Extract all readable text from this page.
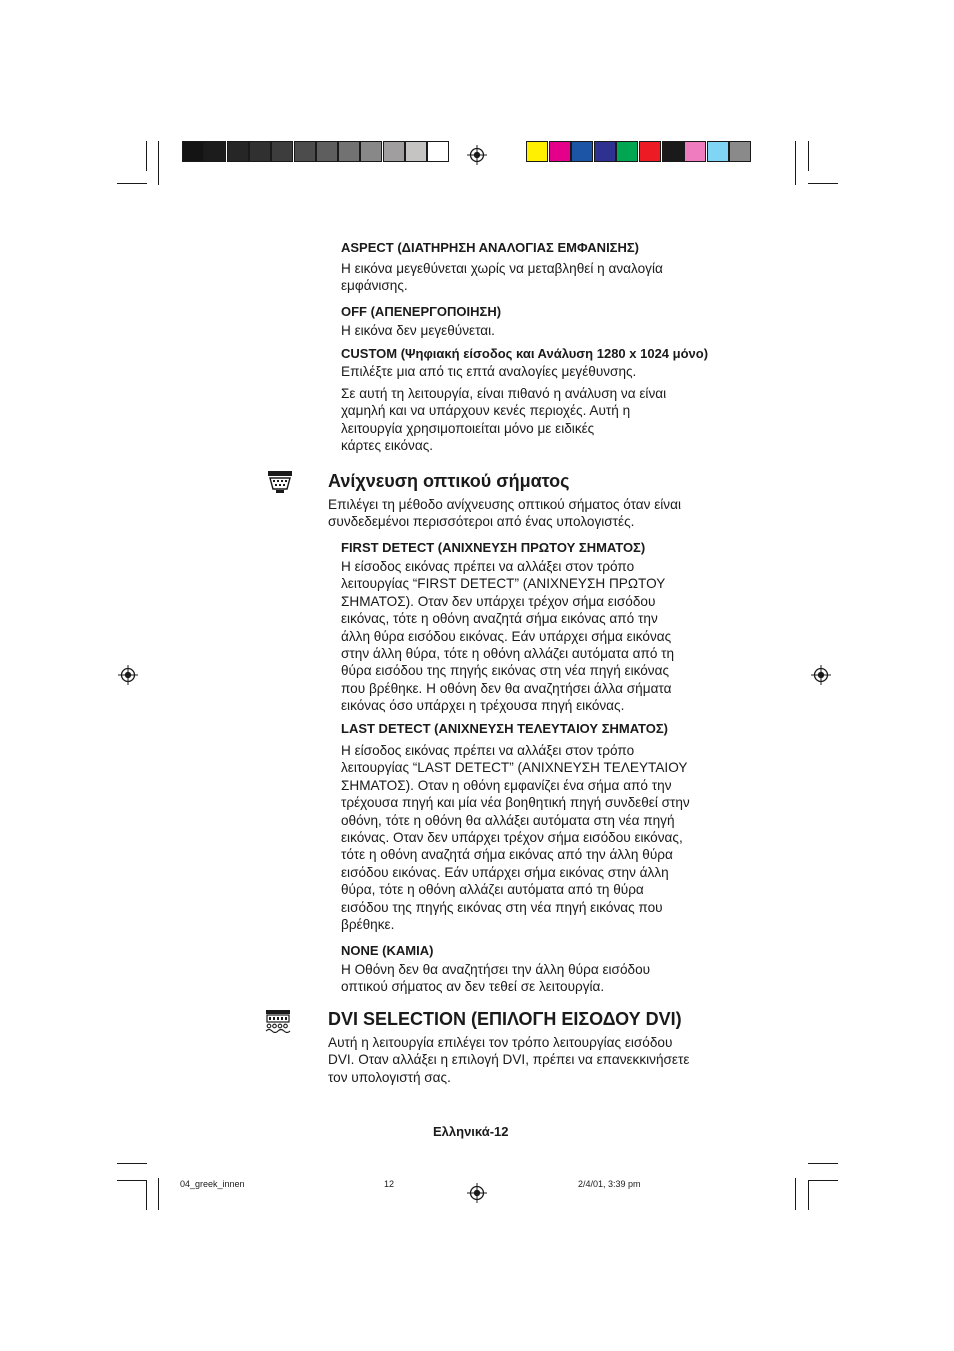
ASPECT (ΔΙΑΤΗΡΗΣΗ ΑΝΑΛΟΓΙΑΣ ΕΜΦΑΝΙΣΗΣ)
Η εικόνα μεγεθύνεται χωρίς να μεταβληθεί η αναλογία
εμφάνισης.
OFF (ΑΠΕΝΕΡΓΟΠΟΙΗΣΗ)
Η εικόνα δεν μεγεθύνεται.
CUSTOM (Ψηφιακή είσοδος και Ανάλυση 1280 x 1024 μόνο)
Επιλέξτε μια από τις επτά αναλογίες μεγέθυνσης.
Σε αυτή τη λειτουργία, είναι πιθανό η ανάλυση να είναι
χαμηλή και να υπάρχουν κενές περιοχές. Αυτή η
λειτουργία χρησιμοποιείται μόνο με ειδικές
κάρτες εικόνας.
Ανίχνευση οπτικού σήματος
Επιλέγει τη μέθοδο ανίχνευσης οπτικού σήματος όταν είναι
συνδεδεμένοι περισσότεροι από ένας υπολογιστές.
FIRST DETECT (ΑΝΙΧΝΕΥΣΗ ΠΡΩΤΟΥ ΣΗΜΑΤΟΣ)
Η είσοδος εικόνας πρέπει να αλλάξει στον τρόπο
λειτουργίας “FIRST DETECT” (ΑΝΙΧΝΕΥΣΗ ΠΡΩΤΟΥ
ΣΗΜΑΤΟΣ). Οταν δεν υπάρχει τρέχον σήμα εισόδου
εικόνας, τότε η οθόνη αναζητά σήμα εικόνας από την
άλλη θύρα εισόδου εικόνας. Εάν υπάρχει σήμα εικόνας
στην άλλη θύρα, τότε η οθόνη αλλάζει αυτόματα από τη
θύρα εισόδου της πηγής εικόνας στη νέα πηγή εικόνας
που βρέθηκε. Η οθόνη δεν θα αναζητήσει άλλα σήματα
εικόνας όσο υπάρχει η τρέχουσα πηγή εικόνας.
LAST DETECT (ΑΝΙΧΝΕΥΣΗ ΤΕΛΕΥΤΑΙΟΥ ΣΗΜΑΤΟΣ)
Η είσοδος εικόνας πρέπει να αλλάξει στον τρόπο
λειτουργίας “LAST DETECT” (ΑΝΙΧΝΕΥΣΗ ΤΕΛΕΥΤΑΙΟΥ
ΣΗΜΑΤΟΣ). Οταν η οθόνη εμφανίζει ένα σήμα από την
τρέχουσα πηγή και μία νέα βοηθητική πηγή συνδεθεί στην
οθόνη, τότε η οθόνη θα αλλάξει αυτόματα στη νέα πηγή
εικόνας. Οταν δεν υπάρχει τρέχον σήμα εισόδου εικόνας,
τότε η οθόνη αναζητά σήμα εικόνας από την άλλη θύρα
εισόδου εικόνας. Εάν υπάρχει σήμα εικόνας στην άλλη
θύρα, τότε η οθόνη αλλάζει αυτόματα από τη θύρα
εισόδου της πηγής εικόνας στη νέα πηγή εικόνας που
βρέθηκε.
NONE (ΚΑΜΙΑ)
Η Οθόνη δεν θα αναζητήσει την άλλη θύρα εισόδου
οπτικού σήματος αν δεν τεθεί σε λειτουργία.
DVI SELECTION (ΕΠΙΛΟΓΗ ΕΙΣΟΔΟΥ DVI)
Αυτή η λειτουργία επιλέγει τον τρόπο λειτουργίας εισόδου
DVI. Οταν αλλάξει η επιλογή DVI, πρέπει να επανεκκινήσετε
τον υπολογιστή σας.
Ελληνικά-12
04_greek_innen	12	2/4/01, 3:39 pm
